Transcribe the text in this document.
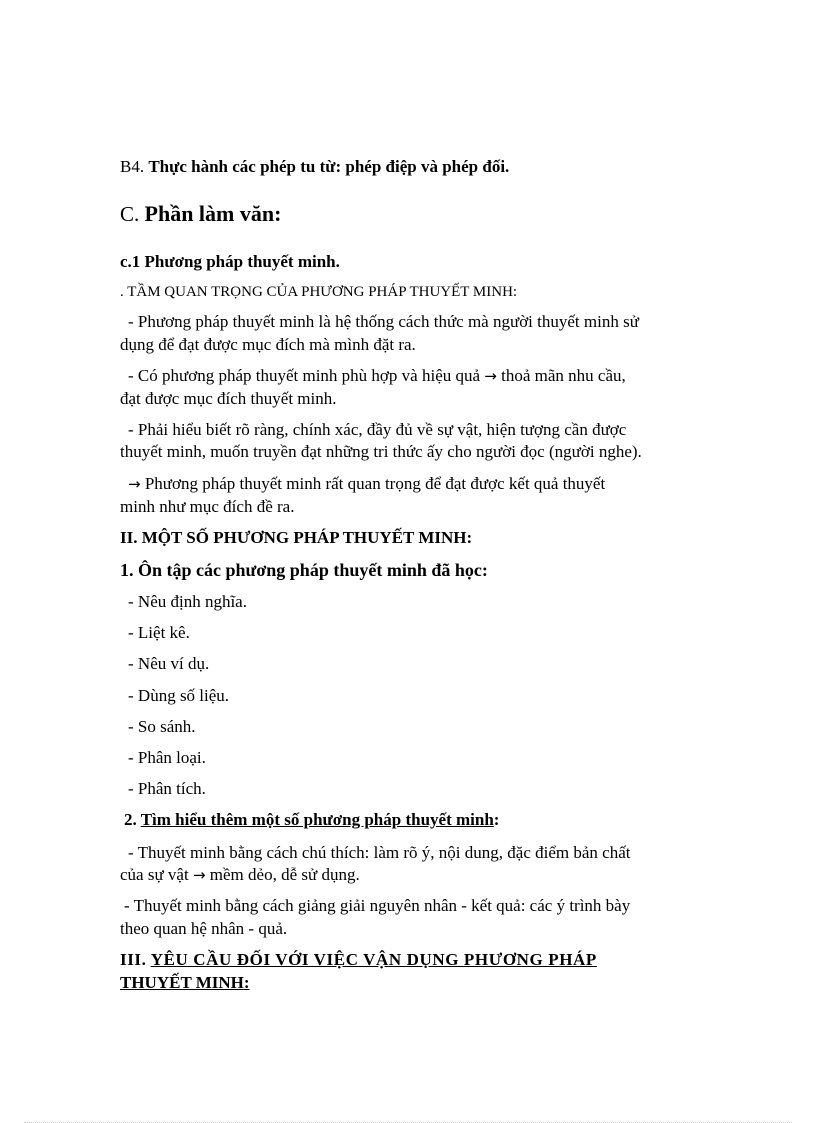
B4. Thực hành các phép tu từ: phép điệp và phép đối.
C. Phần làm văn:
c.1 Phương pháp thuyết minh.
. TẦM QUAN TRỌNG CỦA PHƯƠNG PHÁP THUYẾT MINH:
- Phương pháp thuyết minh là hệ thống cách thức mà người thuyết minh sử
dụng để đạt được mục đích mà mình đặt ra.
- Có phương pháp thuyết minh phù hợp và hiệu quả → thoả mãn nhu cầu,
đạt được mục đích thuyết minh.
- Phải hiểu biết rõ ràng, chính xác, đầy đủ về sự vật, hiện tượng cần được
thuyết minh, muốn truyền đạt những tri thức ấy cho người đọc (người nghe).
→ Phương pháp thuyết minh rất quan trọng để đạt được kết quả thuyết
minh như mục đích đề ra.
II. MỘT SỐ PHƯƠNG PHÁP THUYẾT MINH:
1. Ôn tập các phương pháp thuyết minh đã học:
- Nêu định nghĩa.
- Liệt kê.
- Nêu ví dụ.
- Dùng số liệu.
- So sánh.
- Phân loại.
- Phân tích.
2. Tìm hiểu thêm một số phương pháp thuyết minh:
- Thuyết minh bằng cách chú thích: làm rõ ý, nội dung, đặc điểm bản chất
của sự vật → mềm dẻo, dễ sử dụng.
- Thuyết minh bằng cách giảng giải nguyên nhân - kết quả: các ý trình bày
theo quan hệ nhân - quả.
III. YÊU CẦU ĐỐI VỚI VIỆC VẬN DỤNG PHƯƠNG PHÁP
THUYẾT MINH:
